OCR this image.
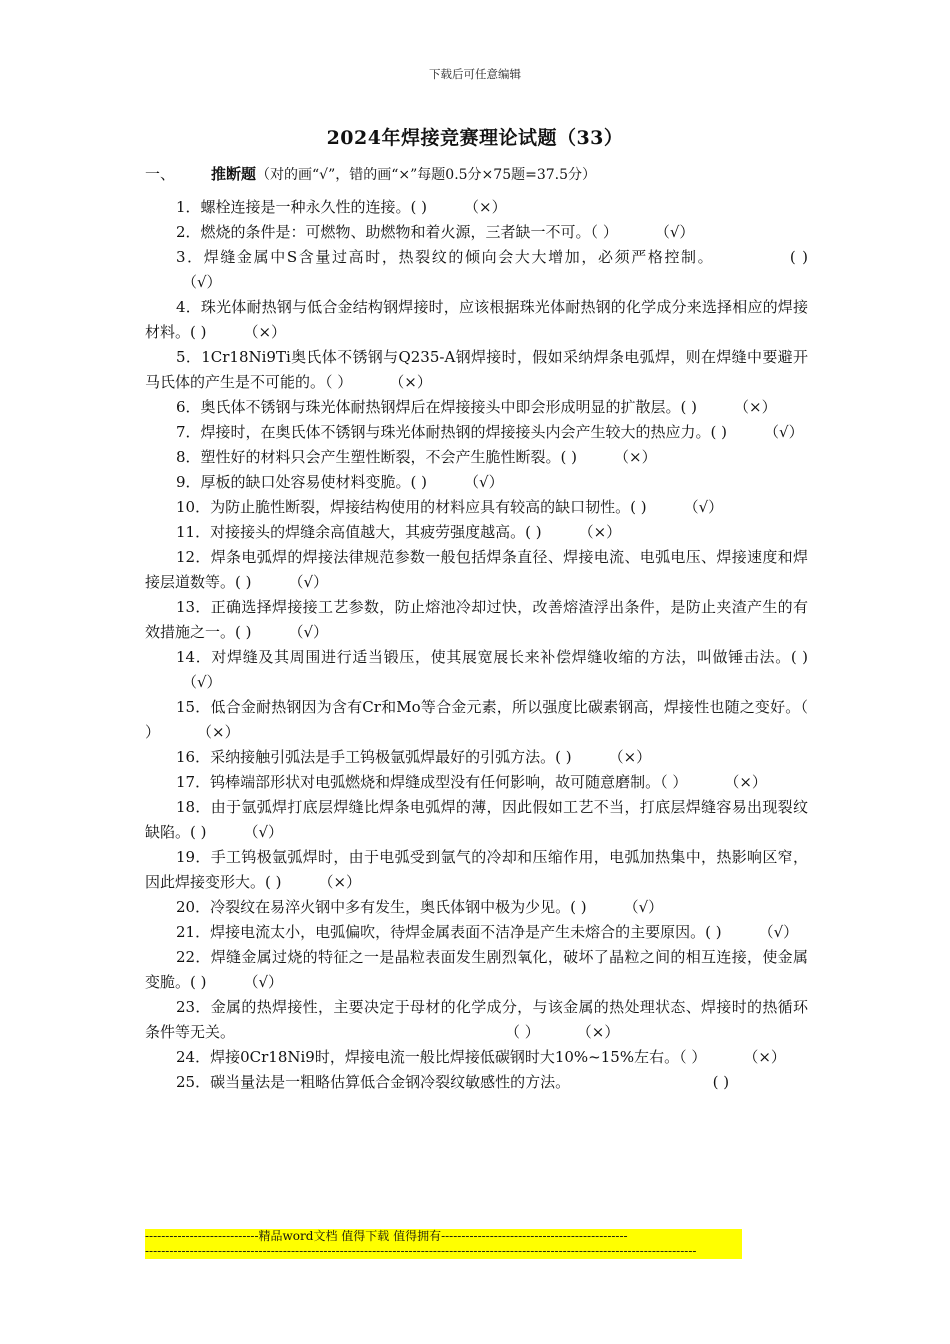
下载后可任意编辑
2024年焊接竞赛理论试题（33）
一、 推断题（对的画“√”，错的画“×”每题0.5分×75题=37.5分）
1．螺栓连接是一种永久性的连接。( ) （×）
2．燃烧的条件是：可燃物、助燃物和着火源，三者缺一不可。（ ） （√）
3．焊缝金属中S含量过高时，热裂纹的倾向会大大增加，必须严格控制。　　　　　( )（√）
4．珠光体耐热钢与低合金结构钢焊接时，应该根据珠光体耐热钢的化学成分来选择相应的焊接材料。( ) （×）
5．1Cr18Ni9Ti奥氏体不锈钢与Q235-A钢焊接时，假如采纳焊条电弧焊，则在焊缝中要避开马氏体的产生是不可能的。（ ） （×）
6．奥氏体不锈钢与珠光体耐热钢焊后在焊接接头中即会形成明显的扩散层。( ) （×）
7．焊接时，在奥氏体不锈钢与珠光体耐热钢的焊接接头内会产生较大的热应力。( ) （√）
8．塑性好的材料只会产生塑性断裂，不会产生脆性断裂。( ) （×）
9．厚板的缺口处容易使材料变脆。( ) （√）
10．为防止脆性断裂，焊接结构使用的材料应具有较高的缺口韧性。( ) （√）
11．对接接头的焊缝余高值越大，其疲劳强度越高。( ) （×）
12．焊条电弧焊的焊接法律规范参数一般包括焊条直径、焊接电流、电弧电压、焊接速度和焊接层道数等。( ) （√）
13．正确选择焊接接工艺参数，防止熔池冷却过快，改善熔渣浮出条件，是防止夹渣产生的有效措施之一。( ) （√）
14．对焊缝及其周围进行适当锻压，使其展宽展长来补偿焊缝收缩的方法，叫做锤击法。( )（√）
15．低合金耐热钢因为含有Cr和Mo等合金元素，所以强度比碳素钢高，焊接性也随之变好。（ ） （×）
16．采纳接触引弧法是手工钨极氩弧焊最好的引弧方法。( ) （×）
17．钨棒端部形状对电弧燃烧和焊缝成型没有任何影响，故可随意磨制。（ ） （×）
18．由于氩弧焊打底层焊缝比焊条电弧焊的薄，因此假如工艺不当，打底层焊缝容易出现裂纹缺陷。( ) （√）
19．手工钨极氩弧焊时，由于电弧受到氩气的冷却和压缩作用，电弧加热集中，热影响区窄，因此焊接变形大。( ) （×）
20．冷裂纹在易淬火钢中多有发生，奥氏体钢中极为少见。( ) （√）
21．焊接电流太小，电弧偏吹，待焊金属表面不洁净是产生未熔合的主要原因。( ) （√）
22．焊缝金属过烧的特征之一是晶粒表面发生剧烈氧化，破坏了晶粒之间的相互连接，使金属变脆。( ) （√）
23．金属的热焊接性，主要决定于母材的化学成分，与该金属的热处理状态、焊接时的热循环条件等无关。　　　　　　　　　　　　　　　　　　　（ ） （×）
24．焊接0Cr18Ni9时，焊接电流一般比焊接低碳钢时大10%~15%左右。（ ） （×）
25．碳当量法是一粗略估算低合金钢冷裂纹敏感性的方法。　　　　　　　　　　( )
----------------------------精品word文档 值得下载 值得拥有----------------------------------------------
----------------------------------------------------------------------------------------------------------------------------------------
